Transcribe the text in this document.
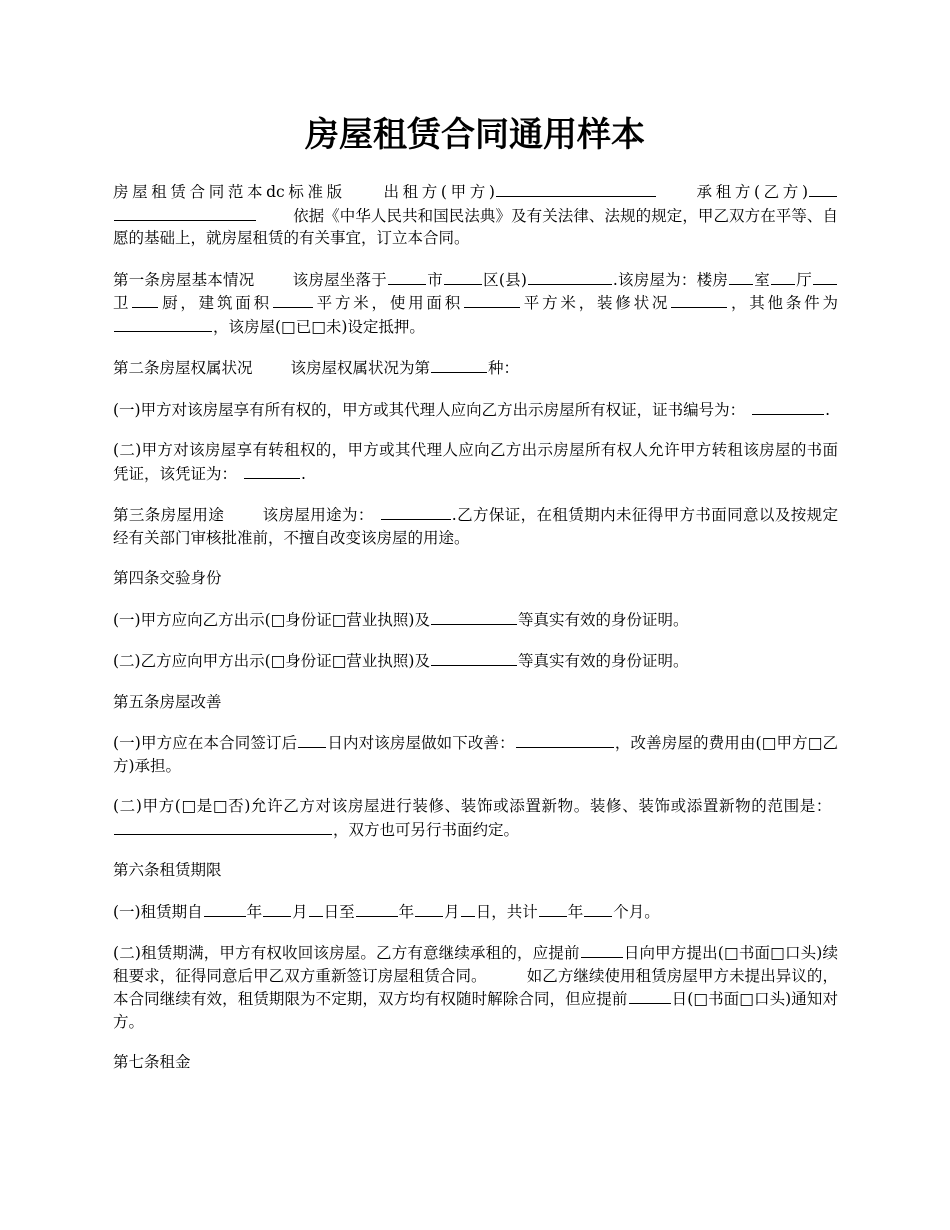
房屋租赁合同通用样本

房屋租赁合同范本dc标准版 出租方(甲方)	承租方(乙方)依据《中华人民共和国民法典》及有关法律、法规的规定，甲乙双方在平等、自愿的基础上，就房屋租赁的有关事宜，订立本合同。

第一条房屋基本情况 该房屋坐落于	市	区(县)	.该房屋为：楼房 室 厅卫 厨，建筑面积	平方米，使用面积	平方米，装修状况	，其他条件为，该房屋(□已□未)设定抵押。

第二条房屋权属状况 该房屋权属状况为第	种：

(一)甲方对该房屋享有所有权的，甲方或其代理人应向乙方出示房屋所有权证，证书编号为：	.

(二)甲方对该房屋享有转租权的，甲方或其代理人应向乙方出示房屋所有权人允许甲方转租该房屋的书面凭证，该凭证为：	.

第三条房屋用途 该房屋用途为：	.乙方保证，在租赁期内未征得甲方书面同意以及按规定经有关部门审核批准前，不擅自改变该房屋的用途。

第四条交验身份

(一)甲方应向乙方出示(□身份证□营业执照)及	等真实有效的身份证明。

(二)乙方应向甲方出示(□身份证□营业执照)及	等真实有效的身份证明。

第五条房屋改善

(一)甲方应在本合同签订后 日内对该房屋做如下改善：	，改善房屋的费用由(□甲方□乙方)承担。

(二)甲方(□是□否)允许乙方对该房屋进行装修、装饰或添置新物。装修、装饰或添置新物的范围是：，双方也可另行书面约定。

第六条租赁期限

(一)租赁期自	年 月 日至	年 月 日，共计 年 个月。

(二)租赁期满，甲方有权收回该房屋。乙方有意继续承租的，应提前	日向甲方提出(□书面□口头)续租要求，征得同意后甲乙双方重新签订房屋租赁合同。	如乙方继续使用租赁房屋甲方未提出异议的，本合同继续有效，租赁期限为不定期，双方均有权随时解除合同，但应提前	日(□书面□口头)通知对方。

第七条租金
